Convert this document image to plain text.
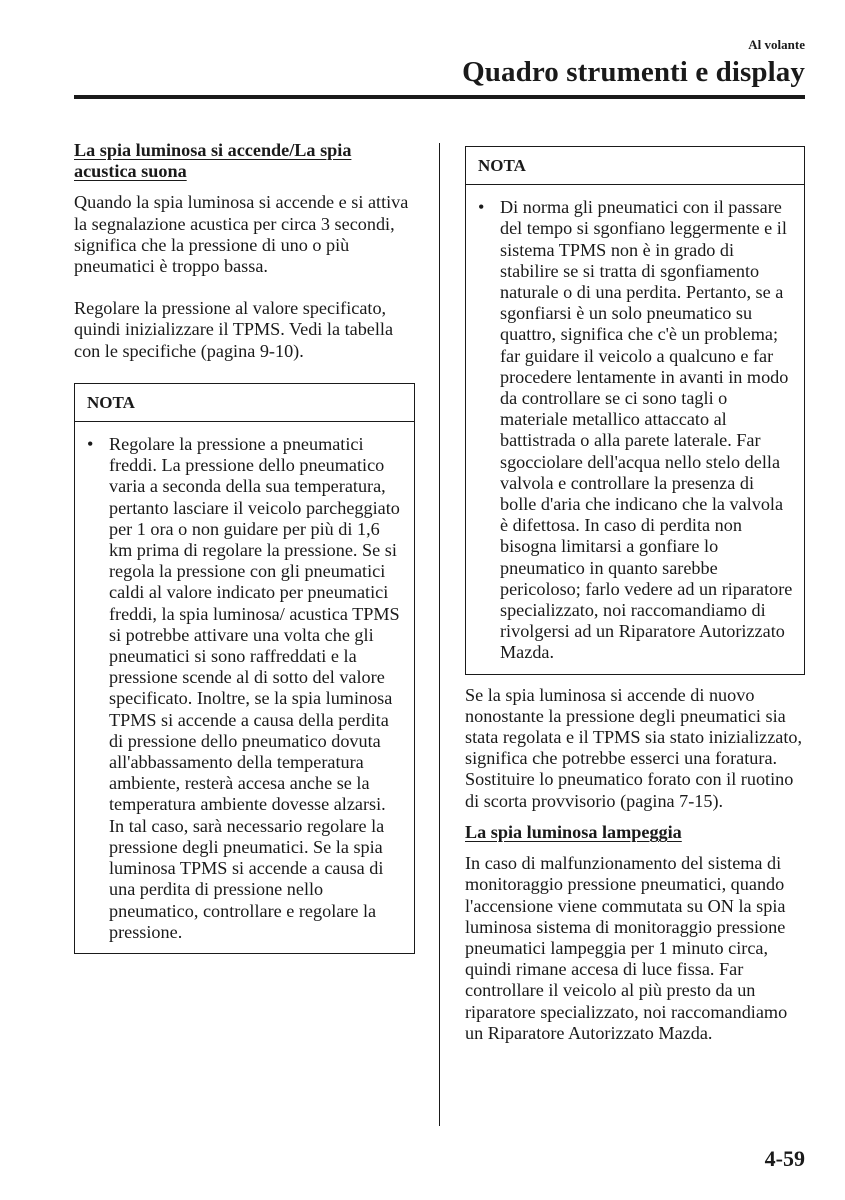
Al volante
Quadro strumenti e display

La spia luminosa si accende/La spia acustica suona

Quando la spia luminosa si accende e si attiva la segnalazione acustica per circa 3 secondi, significa che la pressione di uno o più pneumatici è troppo bassa.

Regolare la pressione al valore specificato, quindi inizializzare il TPMS. Vedi la tabella con le specifiche (pagina 9-10).

NOTA
• Regolare la pressione a pneumatici freddi. La pressione dello pneumatico varia a seconda della sua temperatura, pertanto lasciare il veicolo parcheggiato per 1 ora o non guidare per più di 1,6 km prima di regolare la pressione. Se si regola la pressione con gli pneumatici caldi al valore indicato per pneumatici freddi, la spia luminosa/ acustica TPMS si potrebbe attivare una volta che gli pneumatici si sono raffreddati e la pressione scende al di sotto del valore specificato. Inoltre, se la spia luminosa TPMS si accende a causa della perdita di pressione dello pneumatico dovuta all'abbassamento della temperatura ambiente, resterà accesa anche se la temperatura ambiente dovesse alzarsi. In tal caso, sarà necessario regolare la pressione degli pneumatici. Se la spia luminosa TPMS si accende a causa di una perdita di pressione nello pneumatico, controllare e regolare la pressione.
NOTA
• Di norma gli pneumatici con il passare del tempo si sgonfiano leggermente e il sistema TPMS non è in grado di stabilire se si tratta di sgonfiamento naturale o di una perdita. Pertanto, se a sgonfiarsi è un solo pneumatico su quattro, significa che c'è un problema; far guidare il veicolo a qualcuno e far procedere lentamente in avanti in modo da controllare se ci sono tagli o materiale metallico attaccato al battistrada o alla parete laterale. Far sgocciolare dell'acqua nello stelo della valvola e controllare la presenza di bolle d'aria che indicano che la valvola è difettosa. In caso di perdita non bisogna limitarsi a gonfiare lo pneumatico in quanto sarebbe pericoloso; farlo vedere ad un riparatore specializzato, noi raccomandiamo di rivolgersi ad un Riparatore Autorizzato Mazda.

Se la spia luminosa si accende di nuovo nonostante la pressione degli pneumatici sia stata regolata e il TPMS sia stato inizializzato, significa che potrebbe esserci una foratura. Sostituire lo pneumatico forato con il ruotino di scorta provvisorio (pagina 7-15).

La spia luminosa lampeggia

In caso di malfunzionamento del sistema di monitoraggio pressione pneumatici, quando l'accensione viene commutata su ON la spia luminosa sistema di monitoraggio pressione pneumatici lampeggia per 1 minuto circa, quindi rimane accesa di luce fissa. Far controllare il veicolo al più presto da un riparatore specializzato, noi raccomandiamo un Riparatore Autorizzato Mazda.

4-59
